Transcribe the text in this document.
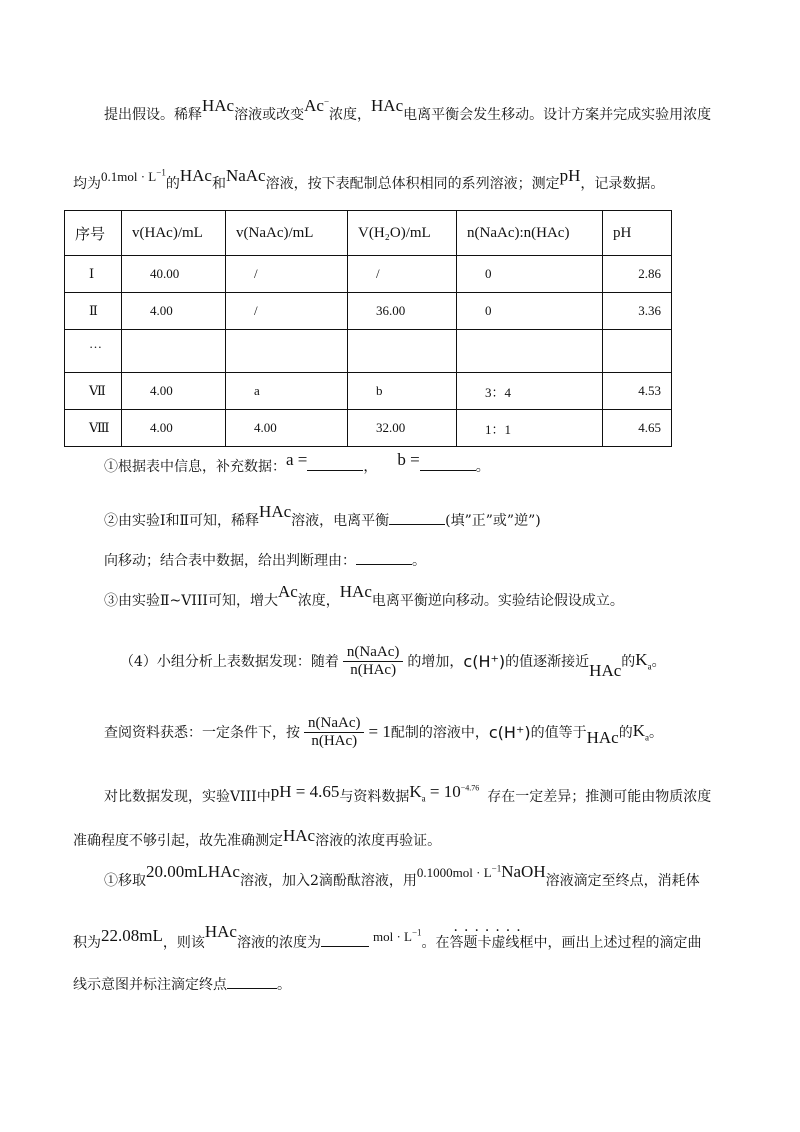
提出假设。稀释HAc溶液或改变Ac−浓度，HAc电离平衡会发生移动。设计方案并完成实验用浓度
均为$0.1mol \cdot L^{-1}$的HAc和NaAc溶液，按下表配制总体积相同的系列溶液；测定pH，记录数据。
序号	v(HAc)/mL	v(NaAc)/mL	V(H₂O)/mL	n(NaAc):n(HAc)	pH
Ⅰ	40.00	/	/	0	2.86
Ⅱ	4.00	/	36.00	0	3.36
…					
Ⅶ	4.00	a	b	3：4	4.53
Ⅷ	4.00	4.00	32.00	1：1	4.65
①根据表中信息，补充数据：a =	， b =	。
②由实验Ⅰ和Ⅱ可知，稀释HAc溶液，电离平衡	(填”正”或”逆”)
向移动；结合表中数据，给出判断理由：	。
③由实验Ⅱ~VIII可知，增大Ac浓度，HAc电离平衡逆向移动。实验结论假设成立。
（4）小组分析上表数据发现：随着 $\frac{\text{n(NaAc)}}{\text{n(HAc)}}$ 的增加， c(H⁺) 的值逐渐接近 HAc 的 $K_a$ 。
查阅资料获悉：一定条件下，按 $\frac{\text{n(NaAc)}}{\text{n(HAc)}} = 1$ 配制的溶液中， c(H⁺) 的值等于 HAc 的 $K_a$ 。
对比数据发现，实验VIII中pH = 4.65与资料数据$K_a = 10^{-4.76}$存在一定差异；推测可能由物质浓度
准确程度不够引起，故先准确测定HAc溶液的浓度再验证。
①移取20.00mLHAc溶液，加入2滴酚酞溶液，用$0.1000mol \cdot L^{-1}NaOH$溶液滴定至终点，消耗体
积为22.08mL，则该HAc溶液的浓度为	mol · $L^{-1}$。在答题卡虚线框中
·······
，画出上述过程的滴定曲
线示意图并标注滴定终点	。
